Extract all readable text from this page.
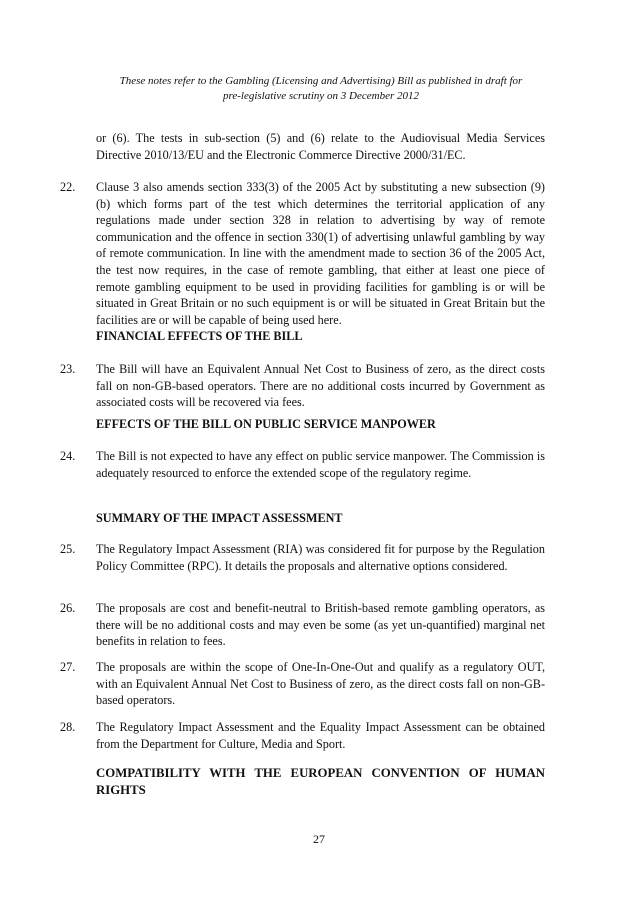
These notes refer to the Gambling (Licensing and Advertising) Bill as published in draft for
pre-legislative scrutiny on 3 December 2012
or (6). The tests in sub-section (5) and (6) relate to the Audiovisual Media Services Directive 2010/13/EU and the Electronic Commerce Directive 2000/31/EC.
22. Clause 3 also amends section 333(3) of the 2005 Act by substituting a new subsection (9)(b) which forms part of the test which determines the territorial application of any regulations made under section 328 in relation to advertising by way of remote communication and the offence in section 330(1) of advertising unlawful gambling by way of remote communication. In line with the amendment made to section 36 of the 2005 Act, the test now requires, in the case of remote gambling, that either at least one piece of remote gambling equipment to be used in providing facilities for gambling is or will be situated in Great Britain or no such equipment is or will be situated in Great Britain but the facilities are or will be capable of being used here.
FINANCIAL EFFECTS OF THE BILL
23. The Bill will have an Equivalent Annual Net Cost to Business of zero, as the direct costs fall on non-GB-based operators. There are no additional costs incurred by Government as associated costs will be recovered via fees.
EFFECTS OF THE BILL ON PUBLIC SERVICE MANPOWER
24. The Bill is not expected to have any effect on public service manpower. The Commission is adequately resourced to enforce the extended scope of the regulatory regime.
SUMMARY OF THE IMPACT ASSESSMENT
25. The Regulatory Impact Assessment (RIA) was considered fit for purpose by the Regulation Policy Committee (RPC). It details the proposals and alternative options considered.
26. The proposals are cost and benefit-neutral to British-based remote gambling operators, as there will be no additional costs and may even be some (as yet un-quantified) marginal net benefits in relation to fees.
27. The proposals are within the scope of One-In-One-Out and qualify as a regulatory OUT, with an Equivalent Annual Net Cost to Business of zero, as the direct costs fall on non-GB-based operators.
28. The Regulatory Impact Assessment and the Equality Impact Assessment can be obtained from the Department for Culture, Media and Sport.
COMPATIBILITY WITH THE EUROPEAN CONVENTION OF HUMAN RIGHTS
27
